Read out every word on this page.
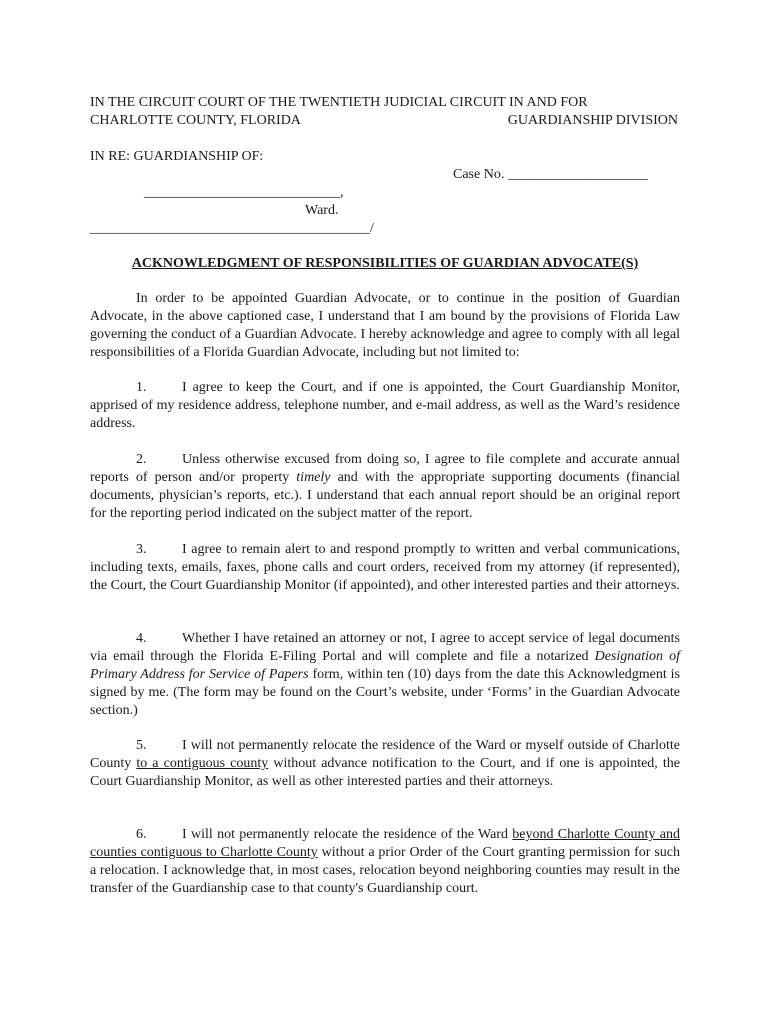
IN THE CIRCUIT COURT OF THE TWENTIETH JUDICIAL CIRCUIT IN AND FOR
CHARLOTTE COUNTY, FLORIDA	GUARDIANSHIP DIVISION
IN RE: GUARDIANSHIP OF:
Case No. ____________________
____________________________,
Ward.
________________________________________/
ACKNOWLEDGMENT OF RESPONSIBILITIES OF GUARDIAN ADVOCATE(S)

In order to be appointed Guardian Advocate, or to continue in the position of Guardian Advocate, in the above captioned case, I understand that I am bound by the provisions of Florida Law governing the conduct of a Guardian Advocate. I hereby acknowledge and agree to comply with all legal responsibilities of a Florida Guardian Advocate, including but not limited to:

1.	I agree to keep the Court, and if one is appointed, the Court Guardianship Monitor, apprised of my residence address, telephone number, and e-mail address, as well as the Ward’s residence address.

2.	Unless otherwise excused from doing so, I agree to file complete and accurate annual reports of person and/or property timely and with the appropriate supporting documents (financial documents, physician’s reports, etc.). I understand that each annual report should be an original report for the reporting period indicated on the subject matter of the report.

3.	I agree to remain alert to and respond promptly to written and verbal communications, including texts, emails, faxes, phone calls and court orders, received from my attorney (if represented), the Court, the Court Guardianship Monitor (if appointed), and other interested parties and their attorneys.

4.	Whether I have retained an attorney or not, I agree to accept service of legal documents via email through the Florida E-Filing Portal and will complete and file a notarized Designation of Primary Address for Service of Papers form, within ten (10) days from the date this Acknowledgment is signed by me. (The form may be found on the Court’s website, under ‘Forms’ in the Guardian Advocate section.)

5.	I will not permanently relocate the residence of the Ward or myself outside of Charlotte County to a contiguous county without advance notification to the Court, and if one is appointed, the Court Guardianship Monitor, as well as other interested parties and their attorneys.

6.	I will not permanently relocate the residence of the Ward beyond Charlotte County and counties contiguous to Charlotte County without a prior Order of the Court granting permission for such a relocation. I acknowledge that, in most cases, relocation beyond neighboring counties may result in the transfer of the Guardianship case to that county's Guardianship court.
